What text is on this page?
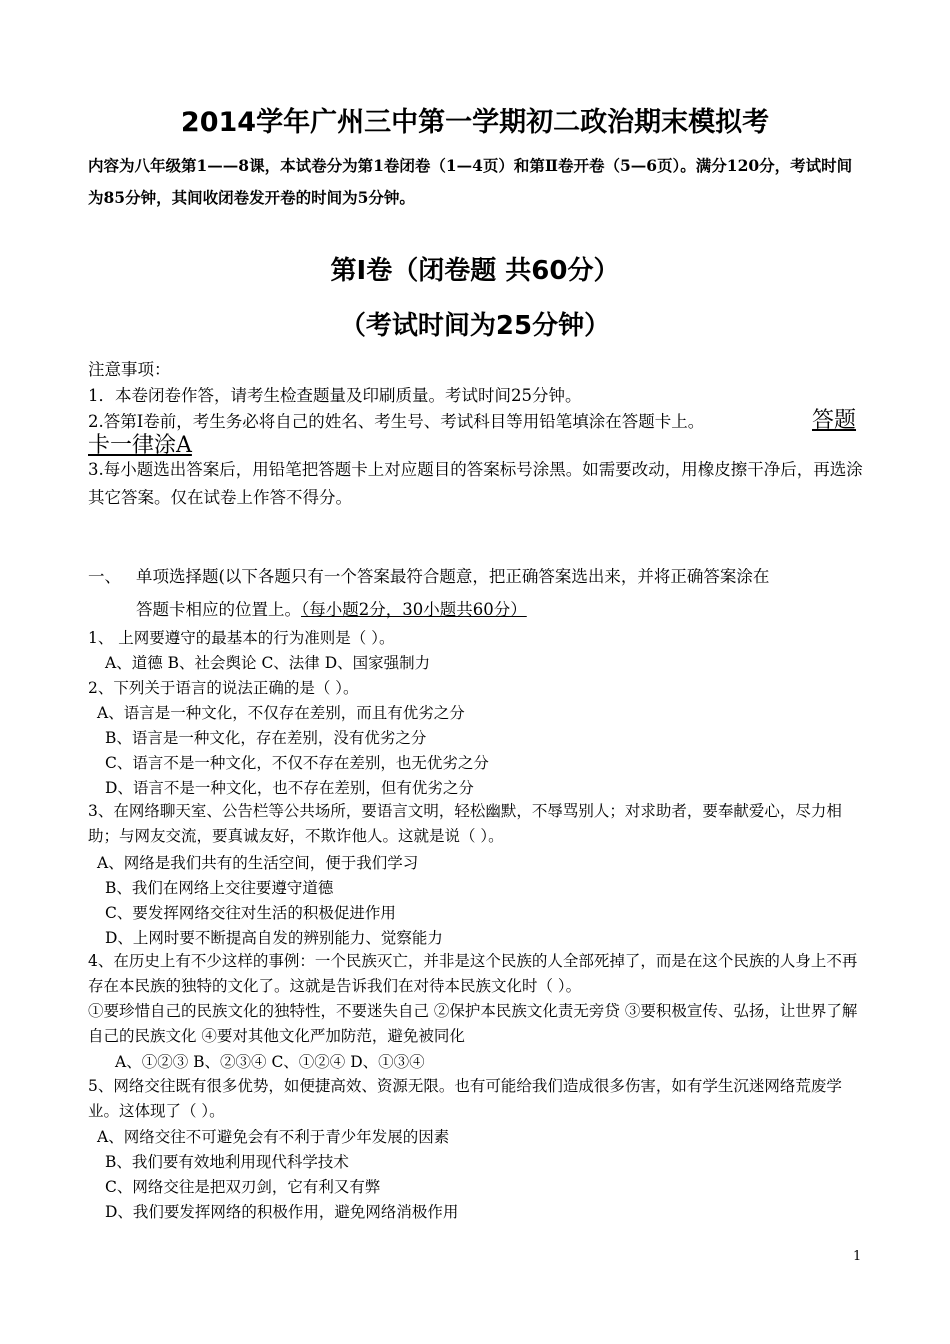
2014学年广州三中第一学期初二政治期末模拟考
内容为八年级第1——8课，本试卷分为第1卷闭卷（1—4页）和第Ⅱ卷开卷（5—6页）。满分120分，考试时间为85分钟，其间收闭卷发开卷的时间为5分钟。
第I卷（闭卷题 共60分）
（考试时间为25分钟）
注意事项：
1．本卷闭卷作答，请考生检查题量及印刷质量。考试时间25分钟。
2.答第I卷前，考生务必将自己的姓名、考生号、考试科目等用铅笔填涂在答题卡上。	答题
卡一律涂A
3.每小题选出答案后，用铅笔把答题卡上对应题目的答案标号涂黑。如需要改动，用橡皮擦干净后，再选涂其它答案。仅在试卷上作答不得分。
一、 单项选择题(以下各题只有一个答案最符合题意，把正确答案选出来，并将正确答案涂在
答题卡相应的位置上。（每小题2分，30小题共60分）
1、 上网要遵守的最基本的行为准则是（ ）。
A、道德 B、社会舆论 C、法律 D、国家强制力
2、下列关于语言的说法正确的是（ ）。
A、语言是一种文化，不仅存在差别，而且有优劣之分
B、语言是一种文化，存在差别，没有优劣之分
C、语言不是一种文化，不仅不存在差别，也无优劣之分
D、语言不是一种文化，也不存在差别，但有优劣之分
3、在网络聊天室、公告栏等公共场所，要语言文明，轻松幽默，不辱骂别人；对求助者，要奉献爱心，尽力相助；与网友交流，要真诚友好，不欺诈他人。这就是说（ ）。
A、网络是我们共有的生活空间，便于我们学习
B、我们在网络上交往要遵守道德
C、要发挥网络交往对生活的积极促进作用
D、上网时要不断提高自发的辨别能力、觉察能力
4、在历史上有不少这样的事例：一个民族灭亡，并非是这个民族的人全部死掉了，而是在这个民族的人身上不再存在本民族的独特的文化了。这就是告诉我们在对待本民族文化时（ ）。
①要珍惜自己的民族文化的独特性，不要迷失自己 ②保护本民族文化责无旁贷 ③要积极宣传、弘扬，让世界了解自己的民族文化 ④要对其他文化严加防范，避免被同化
A、①②③ B、②③④ C、①②④ D、①③④
5、网络交往既有很多优势，如便捷高效、资源无限。也有可能给我们造成很多伤害，如有学生沉迷网络荒废学业。这体现了（ ）。
A、网络交往不可避免会有不利于青少年发展的因素
B、我们要有效地利用现代科学技术
C、网络交往是把双刃剑，它有利又有弊
D、我们要发挥网络的积极作用，避免网络消极作用
1
